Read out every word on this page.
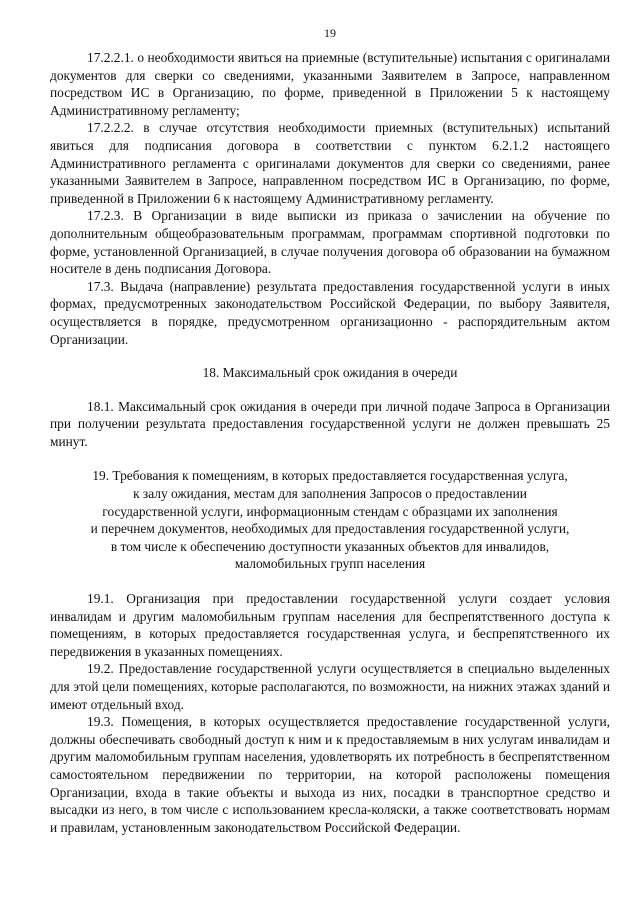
19

17.2.2.1. о необходимости явиться на приемные (вступительные) испытания с оригиналами документов для сверки со сведениями, указанными Заявителем в Запросе, направленном посредством ИС в Организацию, по форме, приведенной в Приложении 5 к настоящему Административному регламенту;

17.2.2.2. в случае отсутствия необходимости приемных (вступительных) испытаний явиться для подписания договора в соответствии с пунктом 6.2.1.2 настоящего Административного регламента с оригиналами документов для сверки со сведениями, ранее указанными Заявителем в Запросе, направленном посредством ИС в Организацию, по форме, приведенной в Приложении 6 к настоящему Административному регламенту.

17.2.3. В Организации в виде выписки из приказа о зачислении на обучение по дополнительным общеобразовательным программам, программам спортивной подготовки по форме, установленной Организацией, в случае получения договора об образовании на бумажном носителе в день подписания Договора.

17.3. Выдача (направление) результата предоставления государственной услуги в иных формах, предусмотренных законодательством Российской Федерации, по выбору Заявителя, осуществляется в порядке, предусмотренном организационно - распорядительным актом Организации.

18. Максимальный срок ожидания в очереди

18.1. Максимальный срок ожидания в очереди при личной подаче Запроса в Организации при получении результата предоставления государственной услуги не должен превышать 25 минут.

19. Требования к помещениям, в которых предоставляется государственная услуга,
к залу ожидания, местам для заполнения Запросов о предоставлении
государственной услуги, информационным стендам с образцами их заполнения
и перечнем документов, необходимых для предоставления государственной услуги,
в том числе к обеспечению доступности указанных объектов для инвалидов,
маломобильных групп населения

19.1. Организация при предоставлении государственной услуги создает условия инвалидам и другим маломобильным группам населения для беспрепятственного доступа к помещениям, в которых предоставляется государственная услуга, и беспрепятственного их передвижения в указанных помещениях.

19.2. Предоставление государственной услуги осуществляется в специально выделенных для этой цели помещениях, которые располагаются, по возможности, на нижних этажах зданий и имеют отдельный вход.

19.3. Помещения, в которых осуществляется предоставление государственной услуги, должны обеспечивать свободный доступ к ним и к предоставляемым в них услугам инвалидам и другим маломобильным группам населения, удовлетворять их потребность в беспрепятственном самостоятельном передвижении по территории, на которой расположены помещения Организации, входа в такие объекты и выхода из них, посадки в транспортное средство и высадки из него, в том числе с использованием кресла-коляски, а также соответствовать нормам и правилам, установленным законодательством Российской Федерации.
